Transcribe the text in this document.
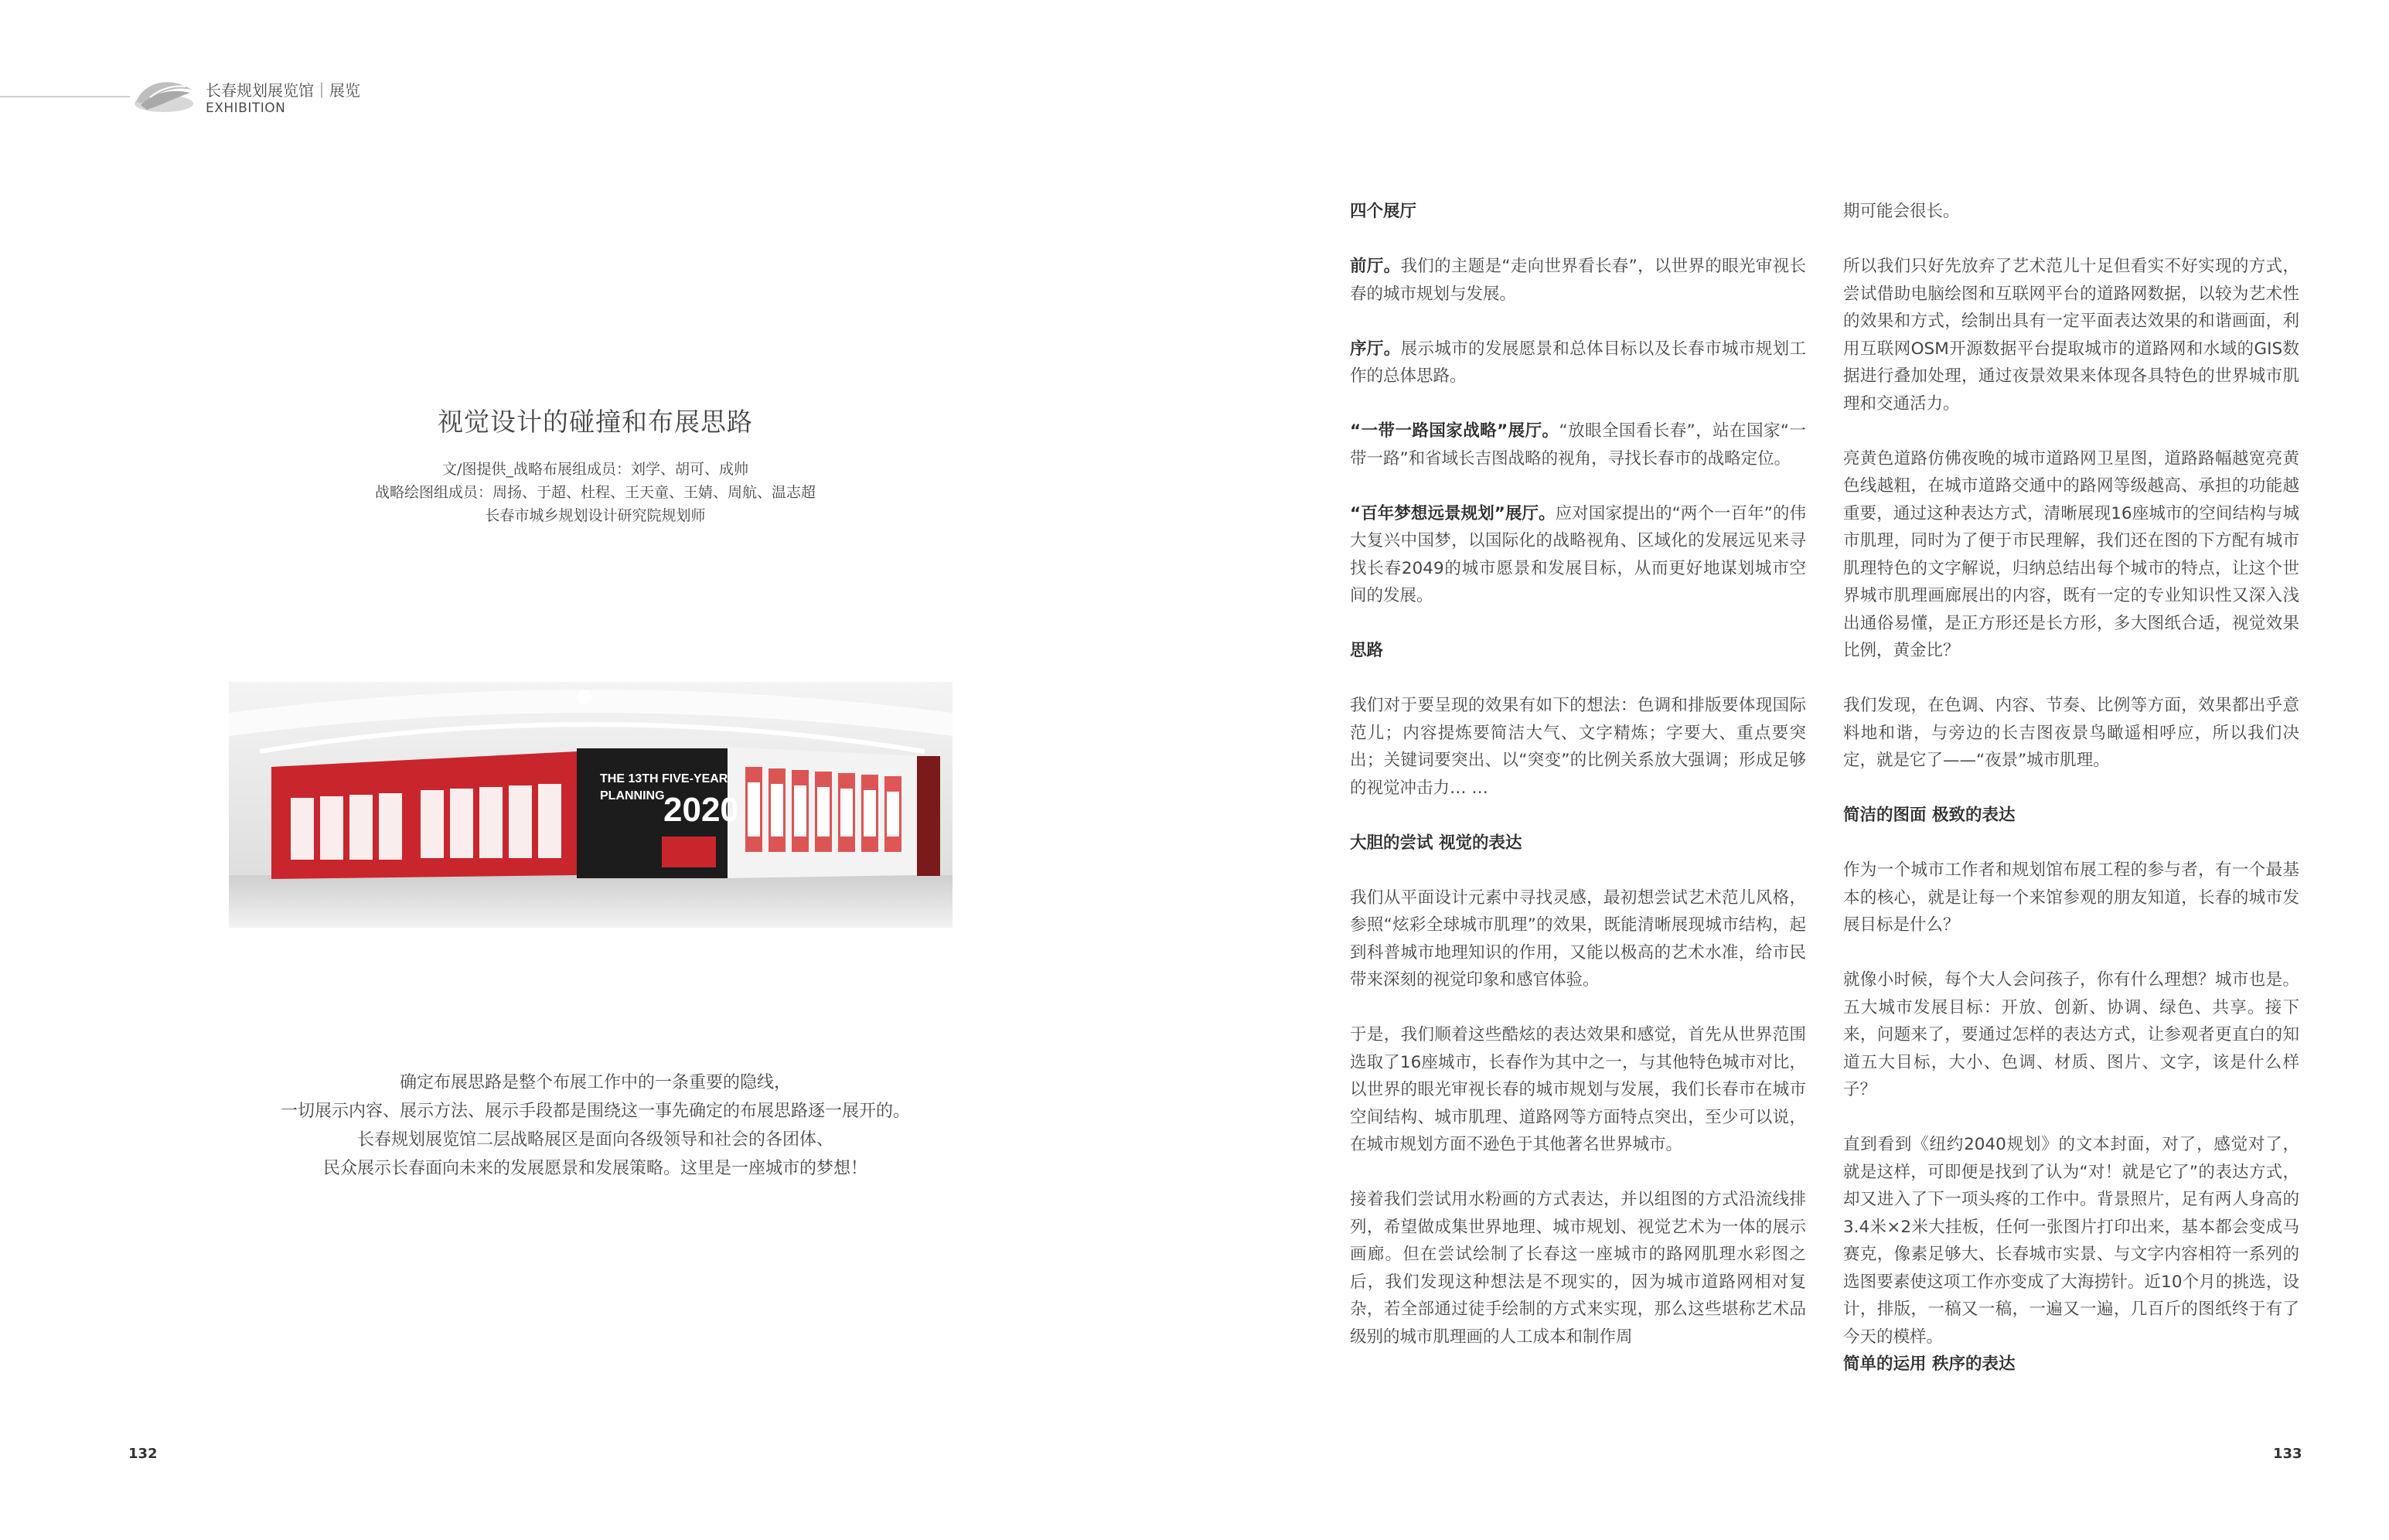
长春规划展览馆｜展览
EXHIBITION
视觉设计的碰撞和布展思路
文/图提供_战略布展组成员：刘学、胡可、成帅
战略绘图组成员：周扬、于超、杜程、王天童、王婧、周航、温志超
长春市城乡规划设计研究院规划师
THE 13TH FIVE-YEAR
PLANNING
2020
确定布展思路是整个布展工作中的一条重要的隐线，
一切展示内容、展示方法、展示手段都是围绕这一事先确定的布展思路逐一展开的。
长春规划展览馆二层战略展区是面向各级领导和社会的各团体、
民众展示长春面向未来的发展愿景和发展策略。这里是一座城市的梦想！
132

四个展厅

前厅。我们的主题是“走向世界看长春”，以世界的眼光审视长春的城市规划与发展。

序厅。展示城市的发展愿景和总体目标以及长春市城市规划工作的总体思路。

“一带一路国家战略”展厅。“放眼全国看长春”，站在国家“一带一路”和省域长吉图战略的视角，寻找长春市的战略定位。

“百年梦想远景规划”展厅。应对国家提出的“两个一百年”的伟大复兴中国梦，以国际化的战略视角、区域化的发展远见来寻找长春2049的城市愿景和发展目标，从而更好地谋划城市空间的发展。

思路

我们对于要呈现的效果有如下的想法：色调和排版要体现国际范儿；内容提炼要简洁大气、文字精炼；字要大、重点要突出；关键词要突出、以“突变”的比例关系放大强调；形成足够的视觉冲击力… …

大胆的尝试 视觉的表达

我们从平面设计元素中寻找灵感，最初想尝试艺术范儿风格，参照“炫彩全球城市肌理”的效果，既能清晰展现城市结构，起到科普城市地理知识的作用，又能以极高的艺术水准，给市民带来深刻的视觉印象和感官体验。

于是，我们顺着这些酷炫的表达效果和感觉，首先从世界范围选取了16座城市，长春作为其中之一，与其他特色城市对比，以世界的眼光审视长春的城市规划与发展，我们长春市在城市空间结构、城市肌理、道路网等方面特点突出，至少可以说，在城市规划方面不逊色于其他著名世界城市。

接着我们尝试用水粉画的方式表达，并以组图的方式沿流线排列，希望做成集世界地理、城市规划、视觉艺术为一体的展示画廊。但在尝试绘制了长春这一座城市的路网肌理水彩图之后，我们发现这种想法是不现实的，因为城市道路网相对复杂，若全部通过徒手绘制的方式来实现，那么这些堪称艺术品级别的城市肌理画的人工成本和制作周

期可能会很长。

所以我们只好先放弃了艺术范儿十足但看实不好实现的方式，尝试借助电脑绘图和互联网平台的道路网数据，以较为艺术性的效果和方式，绘制出具有一定平面表达效果的和谐画面，利用互联网OSM开源数据平台提取城市的道路网和水域的GIS数据进行叠加处理，通过夜景效果来体现各具特色的世界城市肌理和交通活力。

亮黄色道路仿佛夜晚的城市道路网卫星图，道路路幅越宽亮黄色线越粗，在城市道路交通中的路网等级越高、承担的功能越重要，通过这种表达方式，清晰展现16座城市的空间结构与城市肌理，同时为了便于市民理解，我们还在图的下方配有城市肌理特色的文字解说，归纳总结出每个城市的特点，让这个世界城市肌理画廊展出的内容，既有一定的专业知识性又深入浅出通俗易懂，是正方形还是长方形，多大图纸合适，视觉效果比例，黄金比？

我们发现，在色调、内容、节奏、比例等方面，效果都出乎意料地和谐，与旁边的长吉图夜景鸟瞰遥相呼应，所以我们决定，就是它了——“夜景”城市肌理。

简洁的图面 极致的表达

作为一个城市工作者和规划馆布展工程的参与者，有一个最基本的核心，就是让每一个来馆参观的朋友知道，长春的城市发展目标是什么？

就像小时候，每个大人会问孩子，你有什么理想？城市也是。五大城市发展目标：开放、创新、协调、绿色、共享。接下来，问题来了，要通过怎样的表达方式，让参观者更直白的知道五大目标，大小、色调、材质、图片、文字，该是什么样子？

直到看到《纽约2040规划》的文本封面，对了，感觉对了，就是这样，可即便是找到了认为“对！就是它了”的表达方式，却又进入了下一项头疼的工作中。背景照片，足有两人身高的3.4米×2米大挂板，任何一张图片打印出来，基本都会变成马赛克，像素足够大、长春城市实景、与文字内容相符一系列的选图要素使这项工作亦变成了大海捞针。近10个月的挑选，设计，排版，一稿又一稿，一遍又一遍，几百斤的图纸终于有了今天的模样。

简单的运用 秩序的表达

133
